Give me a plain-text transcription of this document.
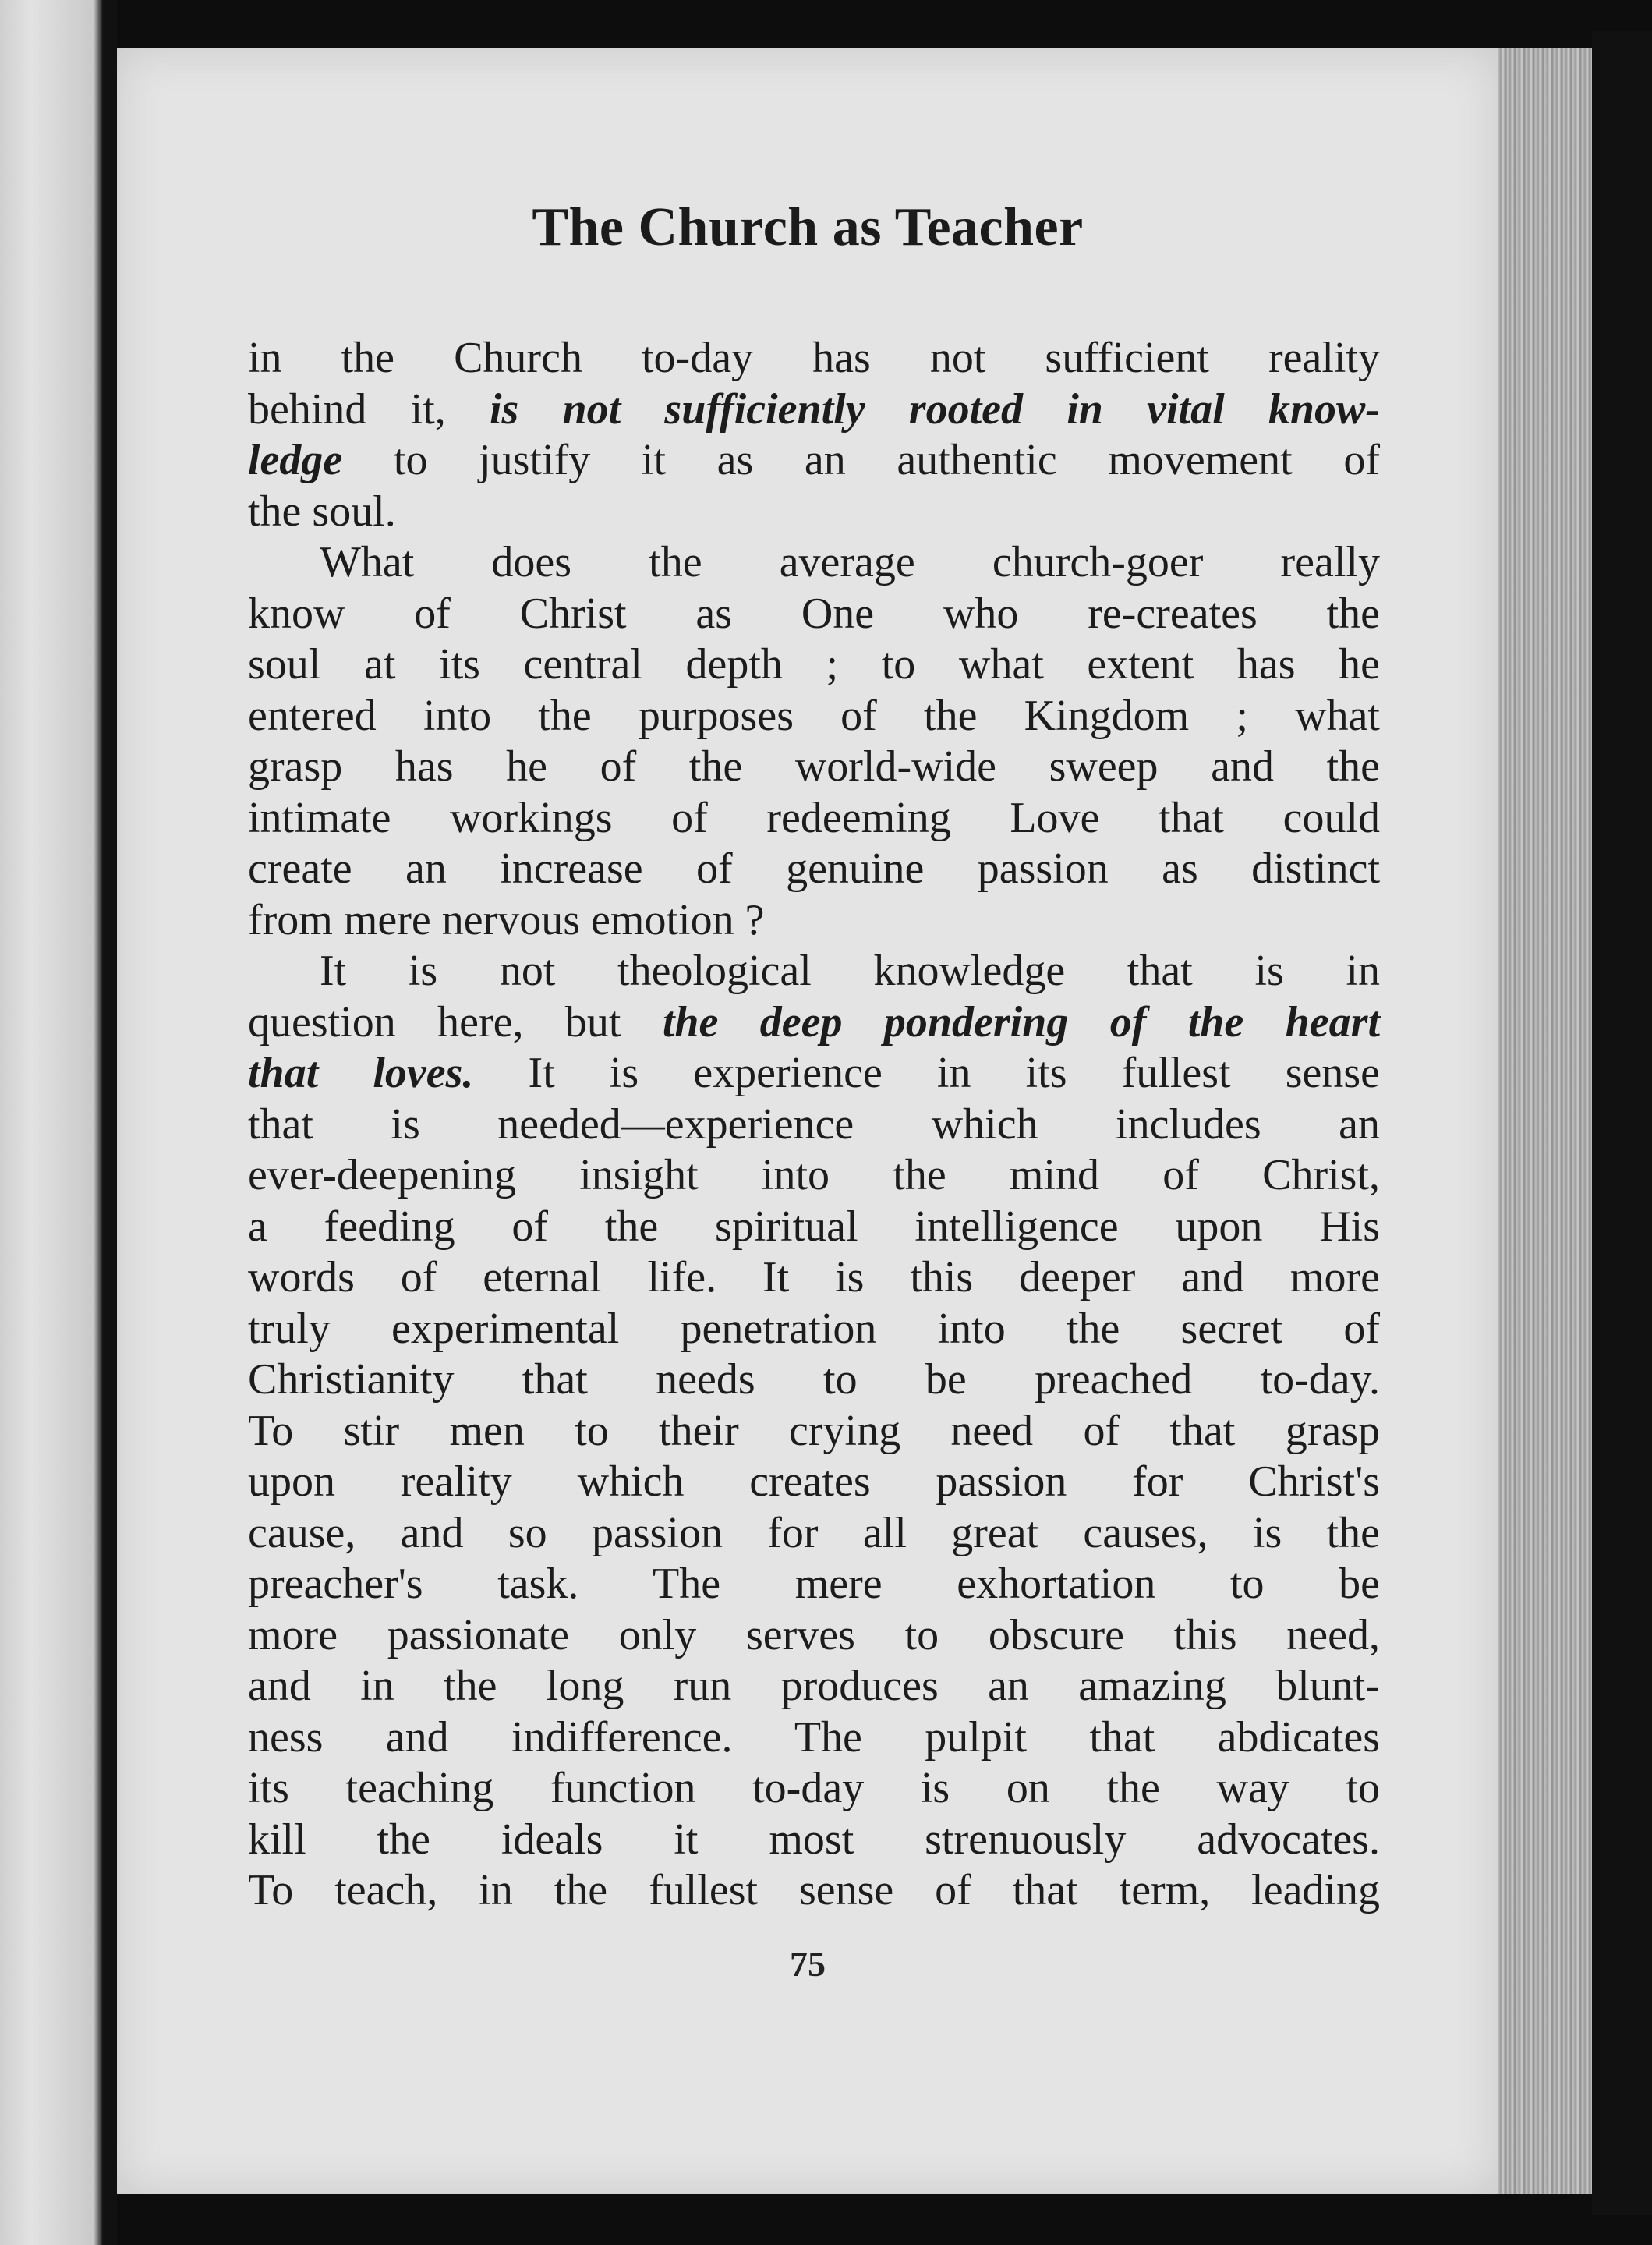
The Church as Teacher
in the Church to-day has not sufficient reality
behind it, is not sufficiently rooted in vital know-
ledge to justify it as an authentic movement of
the soul.
What does the average church-goer really
know of Christ as One who re-creates the
soul at its central depth ; to what extent has he
entered into the purposes of the Kingdom ; what
grasp has he of the world-wide sweep and the
intimate workings of redeeming Love that could
create an increase of genuine passion as distinct
from mere nervous emotion ?
It is not theological knowledge that is in
question here, but the deep pondering of the heart
that loves. It is experience in its fullest sense
that is needed—experience which includes an
ever-deepening insight into the mind of Christ,
a feeding of the spiritual intelligence upon His
words of eternal life. It is this deeper and more
truly experimental penetration into the secret of
Christianity that needs to be preached to-day.
To stir men to their crying need of that grasp
upon reality which creates passion for Christ's
cause, and so passion for all great causes, is the
preacher's task. The mere exhortation to be
more passionate only serves to obscure this need,
and in the long run produces an amazing blunt-
ness and indifference. The pulpit that abdicates
its teaching function to-day is on the way to
kill the ideals it most strenuously advocates.
To teach, in the fullest sense of that term, leading
75
